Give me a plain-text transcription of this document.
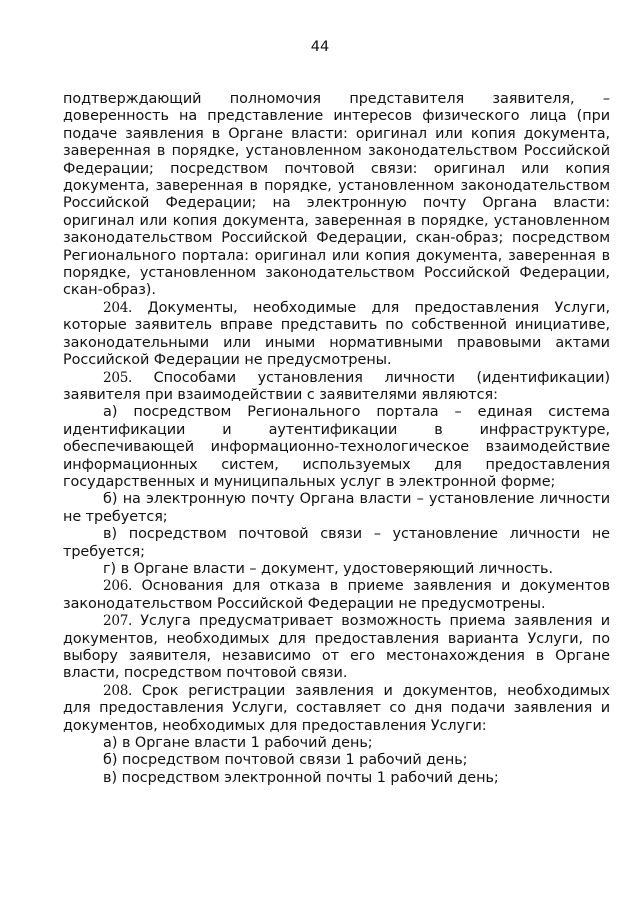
44

подтверждающий полномочия представителя заявителя, – доверенность на представление интересов физического лица (при подаче заявления в Органе власти: оригинал или копия документа, заверенная в порядке, установленном законодательством Российской Федерации; посредством почтовой связи: оригинал или копия документа, заверенная в порядке, установленном законодательством Российской Федерации; на электронную почту Органа власти: оригинал или копия документа, заверенная в порядке, установленном законодательством Российской Федерации, скан-образ; посредством Регионального портала: оригинал или копия документа, заверенная в порядке, установленном законодательством Российской Федерации, скан-образ).

204. Документы, необходимые для предоставления Услуги, которые заявитель вправе представить по собственной инициативе, законодательными или иными нормативными правовыми актами Российской Федерации не предусмотрены.

205. Способами установления личности (идентификации) заявителя при взаимодействии с заявителями являются:

а) посредством Регионального портала – единая система идентификации и аутентификации в инфраструктуре, обеспечивающей информационно-технологическое взаимодействие информационных систем, используемых для предоставления государственных и муниципальных услуг в электронной форме;

б) на электронную почту Органа власти – установление личности не требуется;

в) посредством почтовой связи – установление личности не требуется;

г) в Органе власти – документ, удостоверяющий личность.

206. Основания для отказа в приеме заявления и документов законодательством Российской Федерации не предусмотрены.

207. Услуга предусматривает возможность приема заявления и документов, необходимых для предоставления варианта Услуги, по выбору заявителя, независимо от его местонахождения в Органе власти, посредством почтовой связи.

208. Срок регистрации заявления и документов, необходимых для предоставления Услуги, составляет со дня подачи заявления и документов, необходимых для предоставления Услуги:

а) в Органе власти 1 рабочий день;

б) посредством почтовой связи 1 рабочий день;

в) посредством электронной почты 1 рабочий день;
